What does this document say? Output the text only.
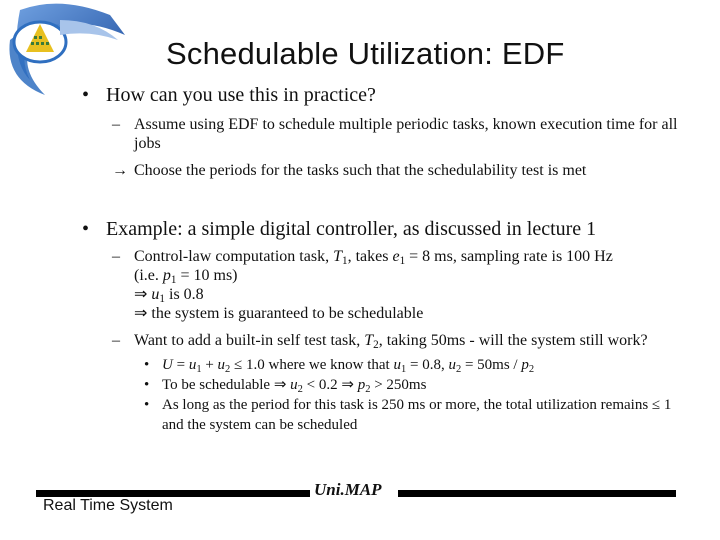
Schedulable Utilization: EDF
• How can you use this in practice?
– Assume using EDF to schedule multiple periodic tasks, known execution time for all jobs
→ Choose the periods for the tasks such that the schedulability test is met
• Example: a simple digital controller, as discussed in lecture 1
– Control-law computation task, $T_1$, takes $e_1 = 8$ ms, sampling rate is 100 Hz
(i.e. $p_1 = 10$ ms)
⇒ $u_1$ is 0.8
⇒ the system is guaranteed to be schedulable
– Want to add a built-in self test task, $T_2$, taking 50ms - will the system still work?
• $U = u_1 + u_2 \le 1.0$ where we know that $u_1 = 0.8$, $u_2 = 50ms / p_2$
• To be schedulable ⇒ $u_2 < 0.2$ ⇒ $p_2 > 250ms$
• As long as the period for this task is 250 ms or more, the total utilization remains ≤ 1 and the system can be scheduled
Uni.MAP
Real Time System
